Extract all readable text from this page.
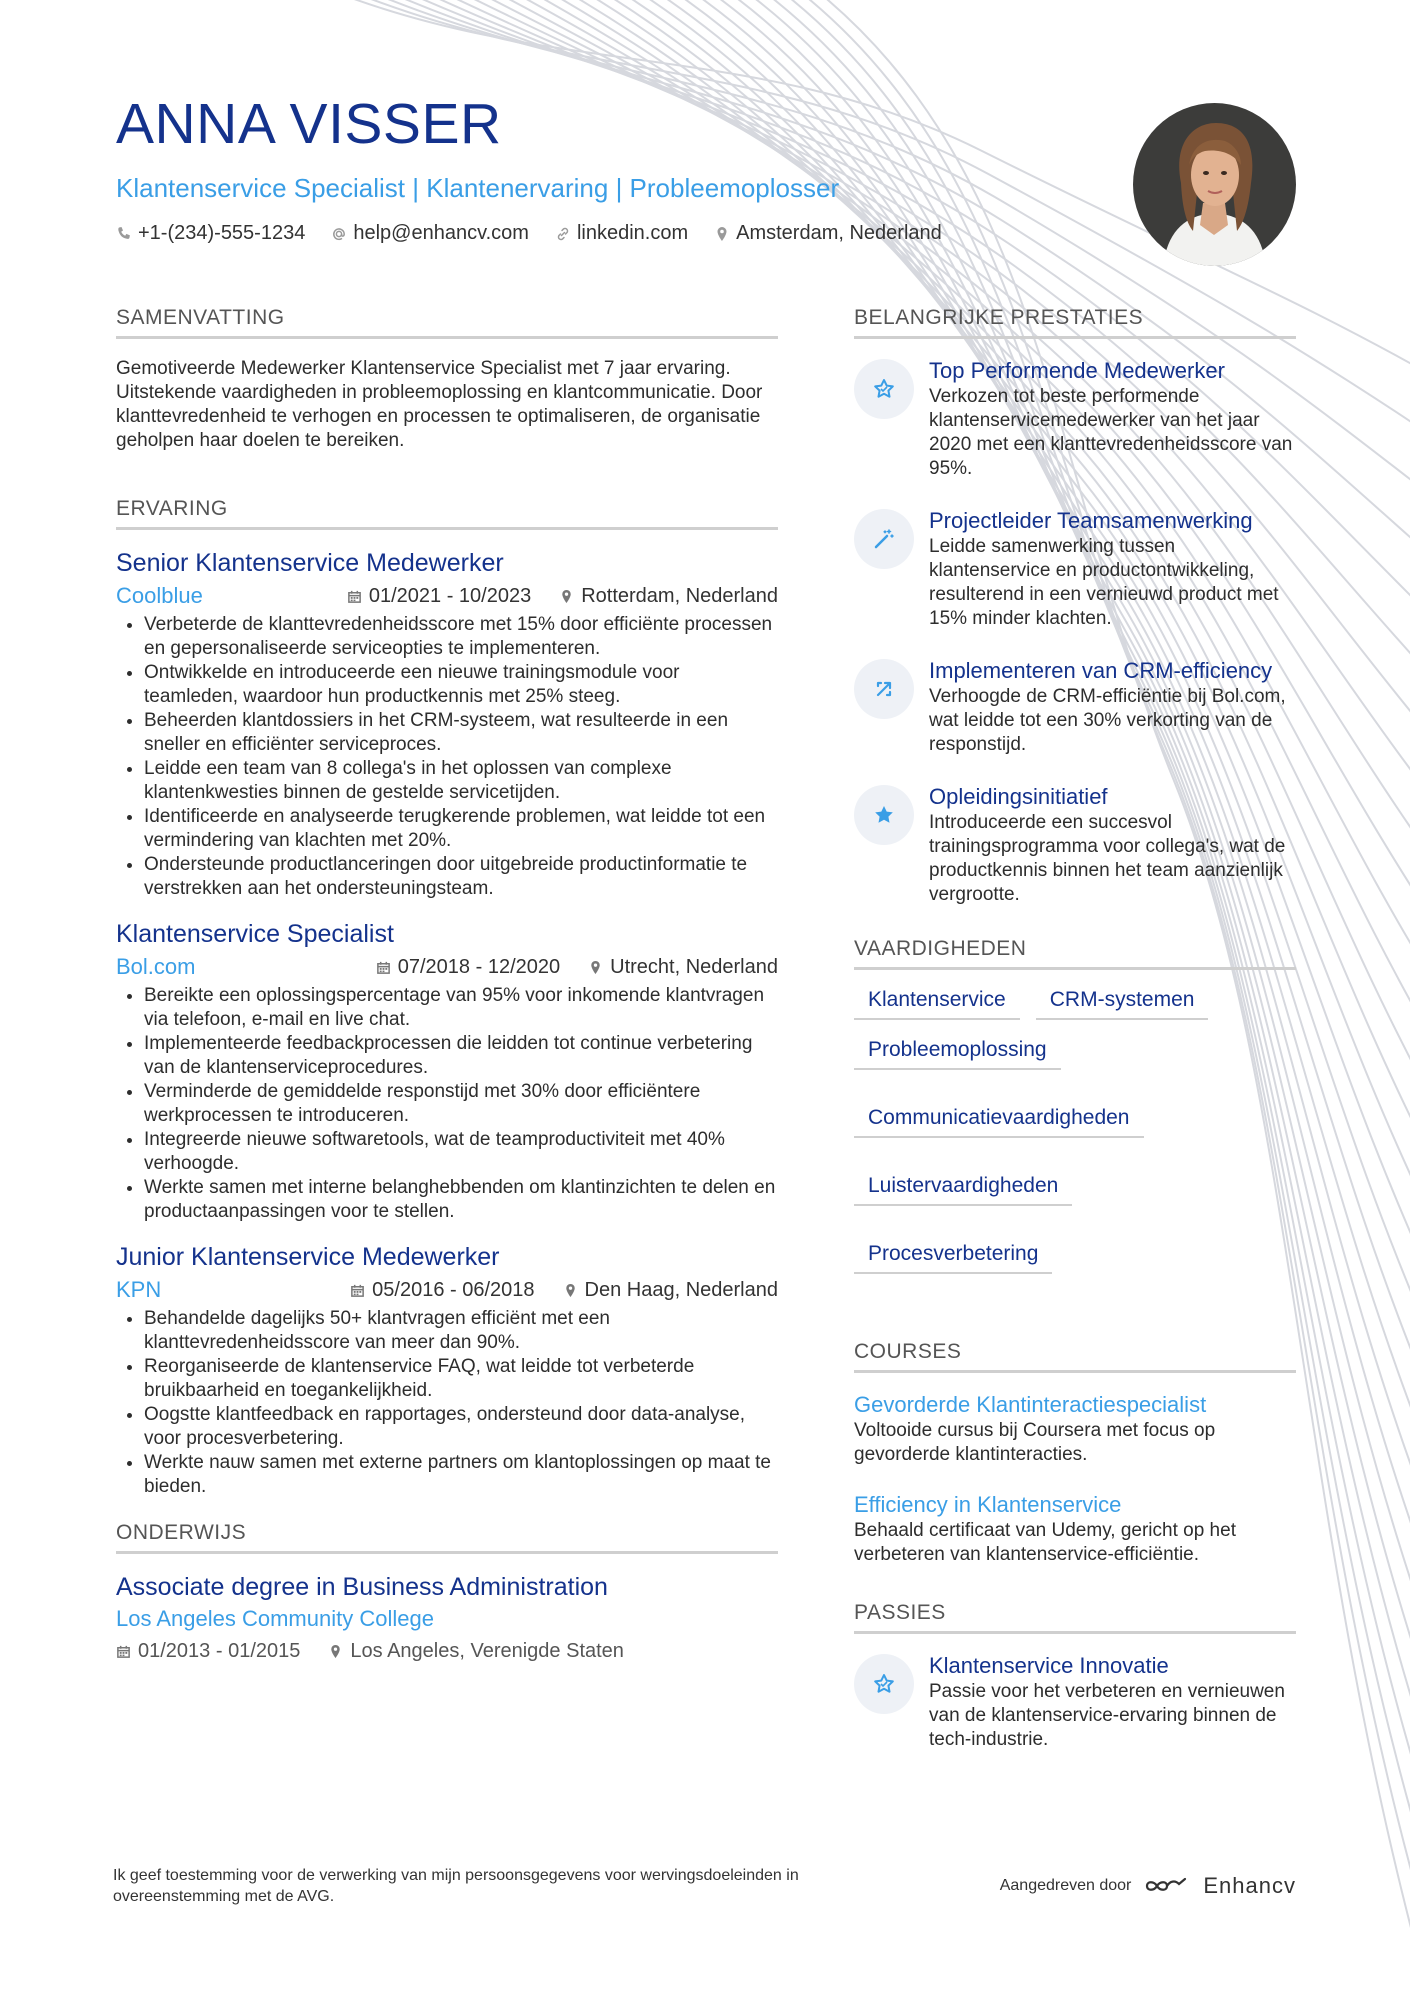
ANNA VISSER
Klantenservice Specialist | Klantenervaring | Probleemoplosser
+1-(234)-555-1234 help@enhancv.com linkedin.com Amsterdam, Nederland
SAMENVATTING
Gemotiveerde Medewerker Klantenservice Specialist met 7 jaar ervaring. Uitstekende vaardigheden in probleemoplossing en klantcommunicatie. Door klanttevredenheid te verhogen en processen te optimaliseren, de organisatie geholpen haar doelen te bereiken.
ERVARING
Senior Klantenservice Medewerker
Coolblue	01/2021 - 10/2023	Rotterdam, Nederland
• Verbeterde de klanttevredenheidsscore met 15% door efficiënte processen en gepersonaliseerde serviceopties te implementeren.
• Ontwikkelde en introduceerde een nieuwe trainingsmodule voor teamleden, waardoor hun productkennis met 25% steeg.
• Beheerden klantdossiers in het CRM-systeem, wat resulteerde in een sneller en efficiënter serviceproces.
• Leidde een team van 8 collega's in het oplossen van complexe klantenkwesties binnen de gestelde servicetijden.
• Identificeerde en analyseerde terugkerende problemen, wat leidde tot een vermindering van klachten met 20%.
• Ondersteunde productlanceringen door uitgebreide productinformatie te verstrekken aan het ondersteuningsteam.
Klantenservice Specialist
Bol.com	07/2018 - 12/2020	Utrecht, Nederland
• Bereikte een oplossingspercentage van 95% voor inkomende klantvragen via telefoon, e-mail en live chat.
• Implementeerde feedbackprocessen die leidden tot continue verbetering van de klantenserviceprocedures.
• Verminderde de gemiddelde responstijd met 30% door efficiëntere werkprocessen te introduceren.
• Integreerde nieuwe softwaretools, wat de teamproductiviteit met 40% verhoogde.
• Werkte samen met interne belanghebbenden om klantinzichten te delen en productaanpassingen voor te stellen.
Junior Klantenservice Medewerker
KPN	05/2016 - 06/2018	Den Haag, Nederland
• Behandelde dagelijks 50+ klantvragen efficiënt met een klanttevredenheidsscore van meer dan 90%.
• Reorganiseerde de klantenservice FAQ, wat leidde tot verbeterde bruikbaarheid en toegankelijkheid.
• Oogstte klantfeedback en rapportages, ondersteund door data-analyse, voor procesverbetering.
• Werkte nauw samen met externe partners om klantoplossingen op maat te bieden.
ONDERWIJS
Associate degree in Business Administration
Los Angeles Community College
01/2013 - 01/2015	Los Angeles, Verenigde Staten
BELANGRIJKE PRESTATIES
Top Performende Medewerker
Verkozen tot beste performende klantenservicemedewerker van het jaar 2020 met een klanttevredenheidsscore van 95%.
Projectleider Teamsamenwerking
Leidde samenwerking tussen klantenservice en productontwikkeling, resulterend in een vernieuwd product met 15% minder klachten.
Implementeren van CRM-efficiency
Verhoogde de CRM-efficiëntie bij Bol.com, wat leidde tot een 30% verkorting van de responstijd.
Opleidingsinitiatief
Introduceerde een succesvol trainingsprogramma voor collega's, wat de productkennis binnen het team aanzienlijk vergrootte.
VAARDIGHEDEN
Klantenservice	CRM-systemen
Probleemoplossing
Communicatievaardigheden
Luistervaardigheden
Procesverbetering
COURSES
Gevorderde Klantinteractiespecialist
Voltooide cursus bij Coursera met focus op gevorderde klantinteracties.
Efficiency in Klantenservice
Behaald certificaat van Udemy, gericht op het verbeteren van klantenservice-efficiëntie.
PASSIES
Klantenservice Innovatie
Passie voor het verbeteren en vernieuwen van de klantenservice-ervaring binnen de tech-industrie.
Ik geef toestemming voor de verwerking van mijn persoonsgegevens voor wervingsdoeleinden in overeenstemming met de AVG.
Aangedreven door	Enhancv
